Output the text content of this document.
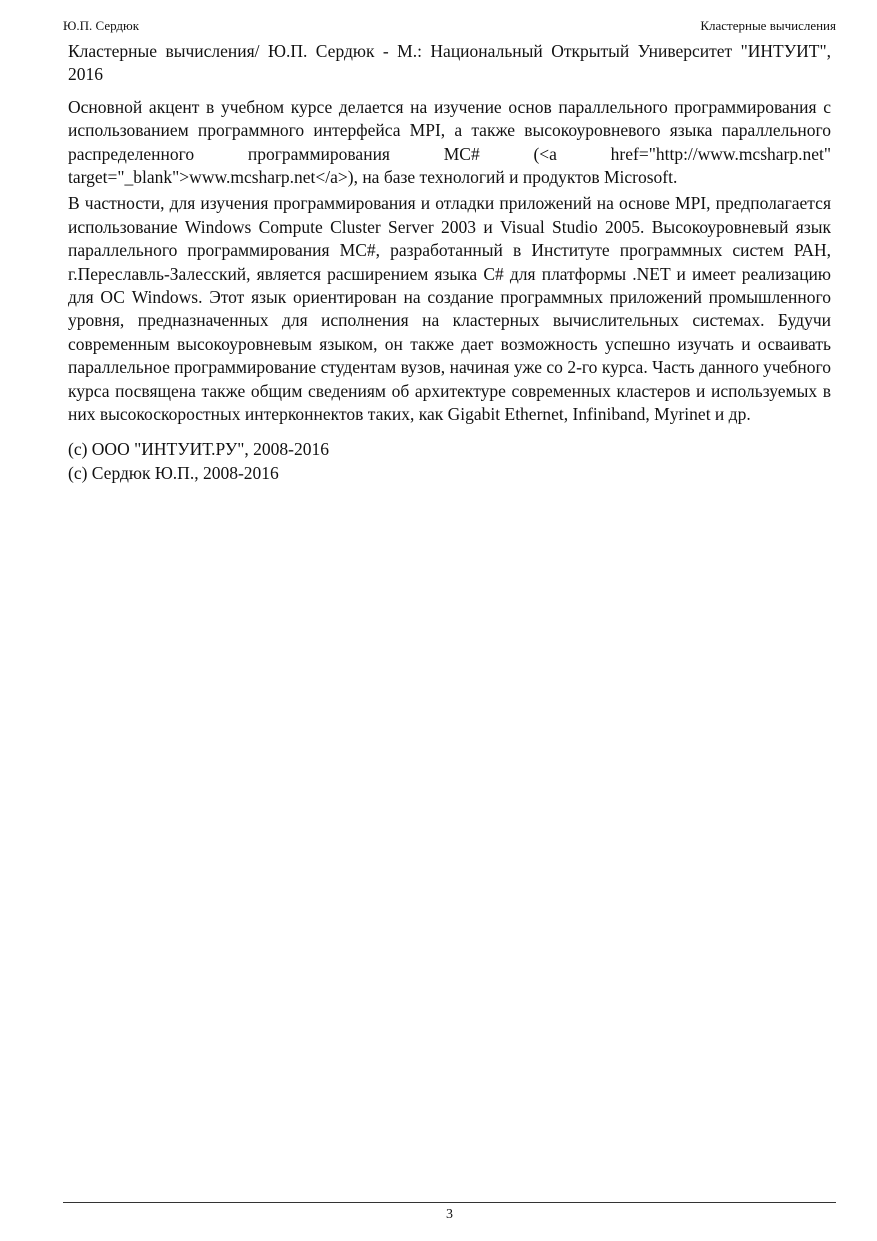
Ю.П. Сердюк	Кластерные вычисления

Кластерные вычисления/ Ю.П. Сердюк - М.: Национальный Открытый Университет "ИНТУИТ", 2016

Основной акцент в учебном курсе делается на изучение основ параллельного программирования с использованием программного интерфейса MPI, а также высокоуровневого языка параллельного распределенного программирования MC# (<a href="http://www.mcsharp.net" target="_blank">www.mcsharp.net</a>), на базе технологий и продуктов Microsoft.

В частности, для изучения программирования и отладки приложений на основе MPI, предполагается использование Windows Compute Cluster Server 2003 и Visual Studio 2005. Высокоуровневый язык параллельного программирования MC#, разработанный в Институте программных систем РАН, г.Переславль-Залесский, является расширением языка C# для платформы .NET и имеет реализацию для ОС Windows. Этот язык ориентирован на создание программных приложений промышленного уровня, предназначенных для исполнения на кластерных вычислительных системах. Будучи современным высокоуровневым языком, он также дает возможность успешно изучать и осваивать параллельное программирование студентам вузов, начиная уже со 2-го курса. Часть данного учебного курса посвящена также общим сведениям об архитектуре современных кластеров и используемых в них высокоскоростных интерконнектов таких, как Gigabit Ethernet, Infiniband, Myrinet и др.

(c) ООО "ИНТУИТ.РУ", 2008-2016

(c) Сердюк Ю.П., 2008-2016

3
